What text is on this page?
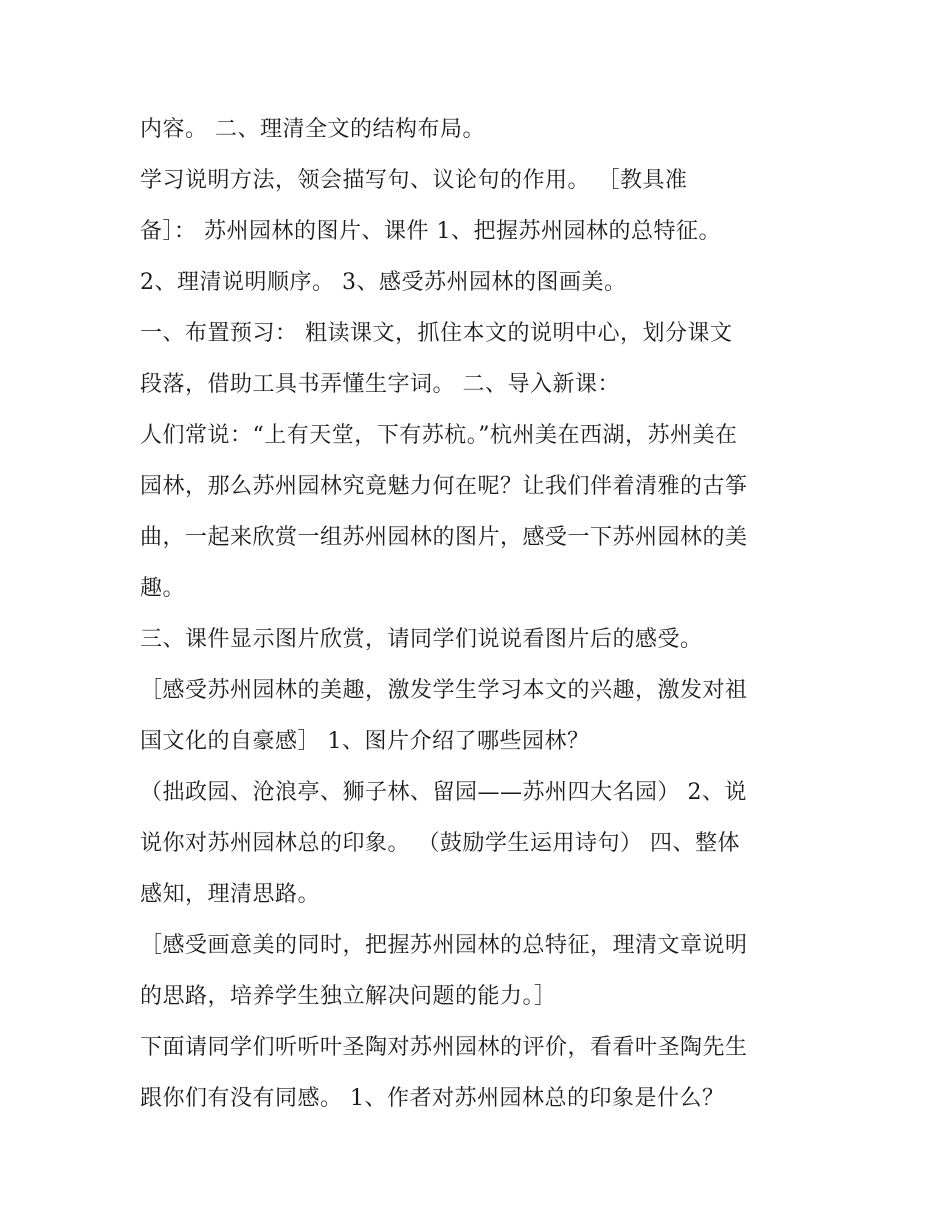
内容。 二、理清全文的结构布局。
学习说明方法，领会描写句、议论句的作用。 ［教具准
备］： 苏州园林的图片、课件 1、把握苏州园林的总特征。
2、理清说明顺序。 3、感受苏州园林的图画美。
一、布置预习： 粗读课文，抓住本文的说明中心，划分课文
段落，借助工具书弄懂生字词。 二、导入新课：
人们常说：“上有天堂，下有苏杭。”杭州美在西湖，苏州美在
园林，那么苏州园林究竟魅力何在呢？让我们伴着清雅的古筝
曲，一起来欣赏一组苏州园林的图片，感受一下苏州园林的美
趣。
三、课件显示图片欣赏，请同学们说说看图片后的感受。
［感受苏州园林的美趣，激发学生学习本文的兴趣，激发对祖
国文化的自豪感］ 1、图片介绍了哪些园林？
（拙政园、沧浪亭、狮子林、留园——苏州四大名园） 2、说
说你对苏州园林总的印象。 （鼓励学生运用诗句） 四、整体
感知，理清思路。
［感受画意美的同时，把握苏州园林的总特征，理清文章说明
的思路，培养学生独立解决问题的能力。］
下面请同学们听听叶圣陶对苏州园林的评价，看看叶圣陶先生
跟你们有没有同感。 1、作者对苏州园林总的印象是什么？
